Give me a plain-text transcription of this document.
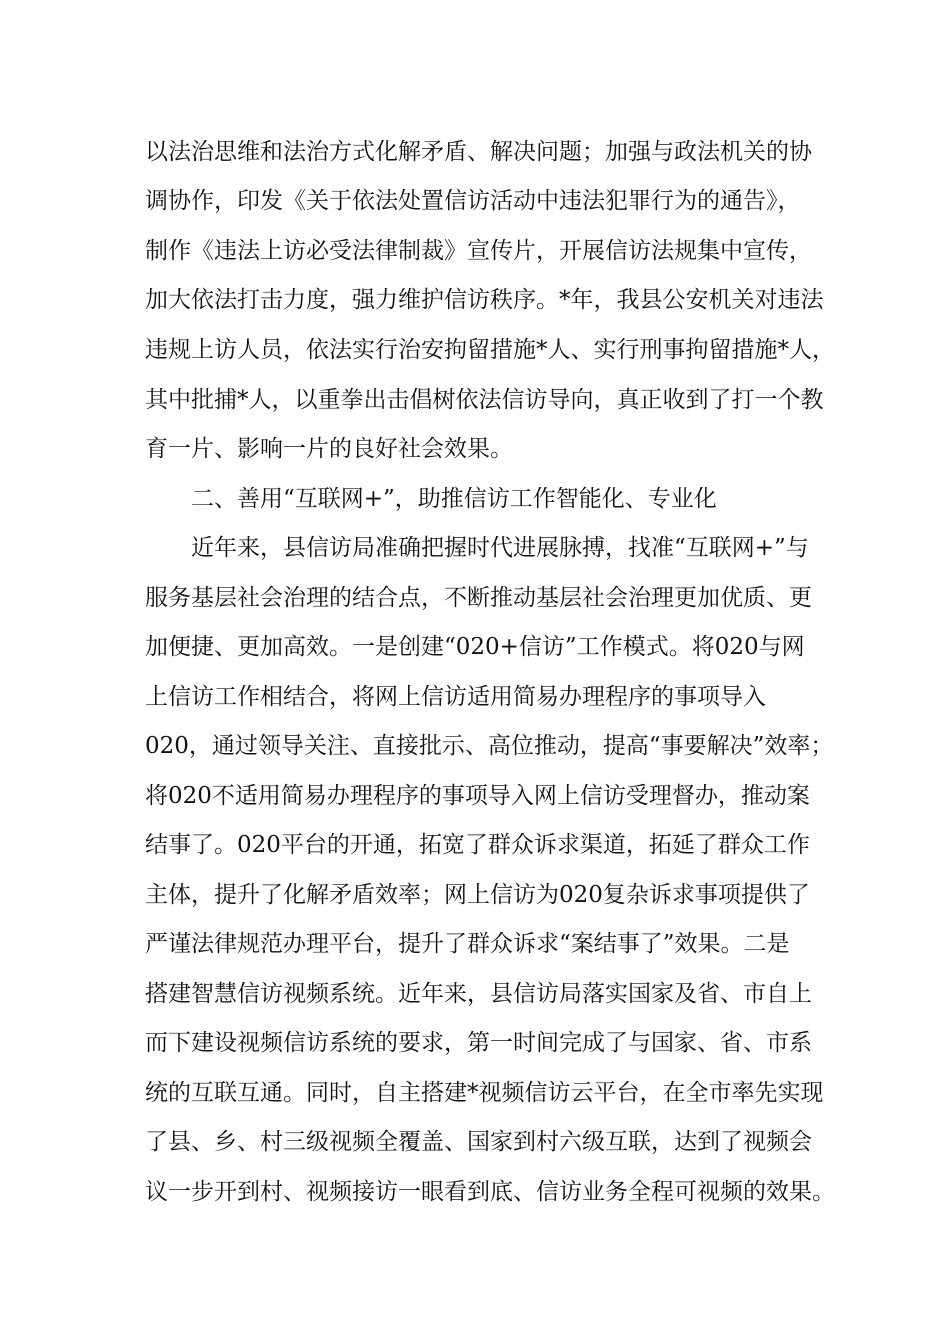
以法治思维和法治方式化解矛盾、解决问题；加强与政法机关的协
调协作，印发《关于依法处置信访活动中违法犯罪行为的通告》，
制作《违法上访必受法律制裁》宣传片，开展信访法规集中宣传，
加大依法打击力度，强力维护信访秩序。*年，我县公安机关对违法
违规上访人员，依法实行治安拘留措施*人、实行刑事拘留措施*人，
其中批捕*人，以重拳出击倡树依法信访导向，真正收到了打一个教
育一片、影响一片的良好社会效果。
二、善用“互联网+”，助推信访工作智能化、专业化
近年来，县信访局准确把握时代进展脉搏，找准“互联网+”与
服务基层社会治理的结合点，不断推动基层社会治理更加优质、更
加便捷、更加高效。一是创建“020+信访”工作模式。将020与网
上信访工作相结合，将网上信访适用简易办理程序的事项导入
020，通过领导关注、直接批示、高位推动，提高“事要解决”效率；
将020不适用简易办理程序的事项导入网上信访受理督办，推动案
结事了。020平台的开通，拓宽了群众诉求渠道，拓延了群众工作
主体，提升了化解矛盾效率；网上信访为020复杂诉求事项提供了
严谨法律规范办理平台，提升了群众诉求“案结事了”效果。二是
搭建智慧信访视频系统。近年来，县信访局落实国家及省、市自上
而下建设视频信访系统的要求，第一时间完成了与国家、省、市系
统的互联互通。同时，自主搭建*视频信访云平台，在全市率先实现
了县、乡、村三级视频全覆盖、国家到村六级互联，达到了视频会
议一步开到村、视频接访一眼看到底、信访业务全程可视频的效果。
